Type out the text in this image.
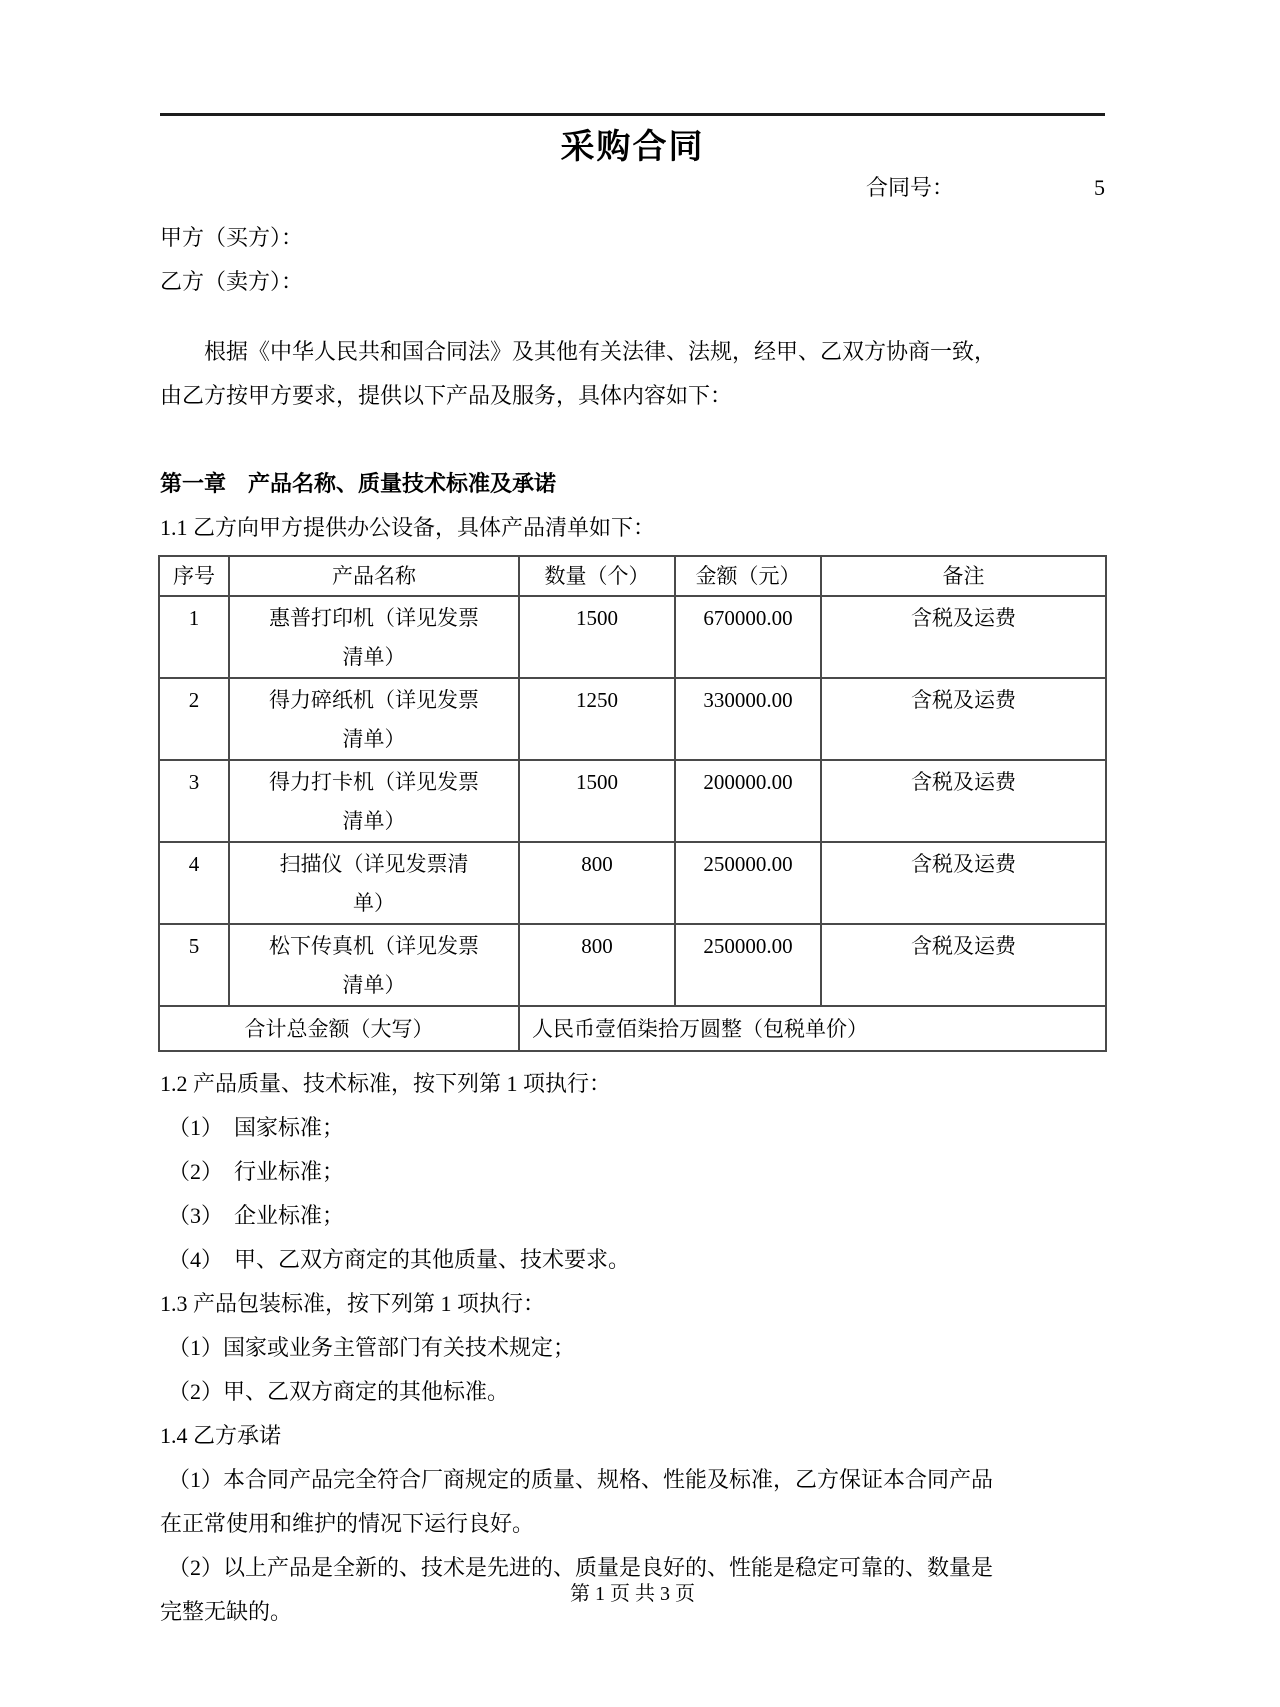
采购合同
合同号：	5
甲方（买方）：
乙方（卖方）：
根据《中华人民共和国合同法》及其他有关法律、法规，经甲、乙双方协商一致，
由乙方按甲方要求，提供以下产品及服务，具体内容如下：
第一章　产品名称、质量技术标准及承诺
1.1 乙方向甲方提供办公设备，具体产品清单如下：
序号	产品名称	数量（个）	金额（元）	备注
1	惠普打印机（详见发票清单）	1500	670000.00	含税及运费
2	得力碎纸机（详见发票清单）	1250	330000.00	含税及运费
3	得力打卡机（详见发票清单）	1500	200000.00	含税及运费
4	扫描仪（详见发票清单）	800	250000.00	含税及运费
5	松下传真机（详见发票清单）	800	250000.00	含税及运费
合计总金额（大写）		人民币壹佰柒拾万圆整（包税单价）		
1.2 产品质量、技术标准，按下列第 1 项执行：
（1）　国家标准；
（2）　行业标准；
（3）　企业标准；
（4）　甲、乙双方商定的其他质量、技术要求。
1.3 产品包装标准，按下列第 1 项执行：
（1）国家或业务主管部门有关技术规定；
（2）甲、乙双方商定的其他标准。
1.4 乙方承诺
（1）本合同产品完全符合厂商规定的质量、规格、性能及标准，乙方保证本合同产品
在正常使用和维护的情况下运行良好。
（2）以上产品是全新的、技术是先进的、质量是良好的、性能是稳定可靠的、数量是
完整无缺的。
第 1 页 共 3 页
